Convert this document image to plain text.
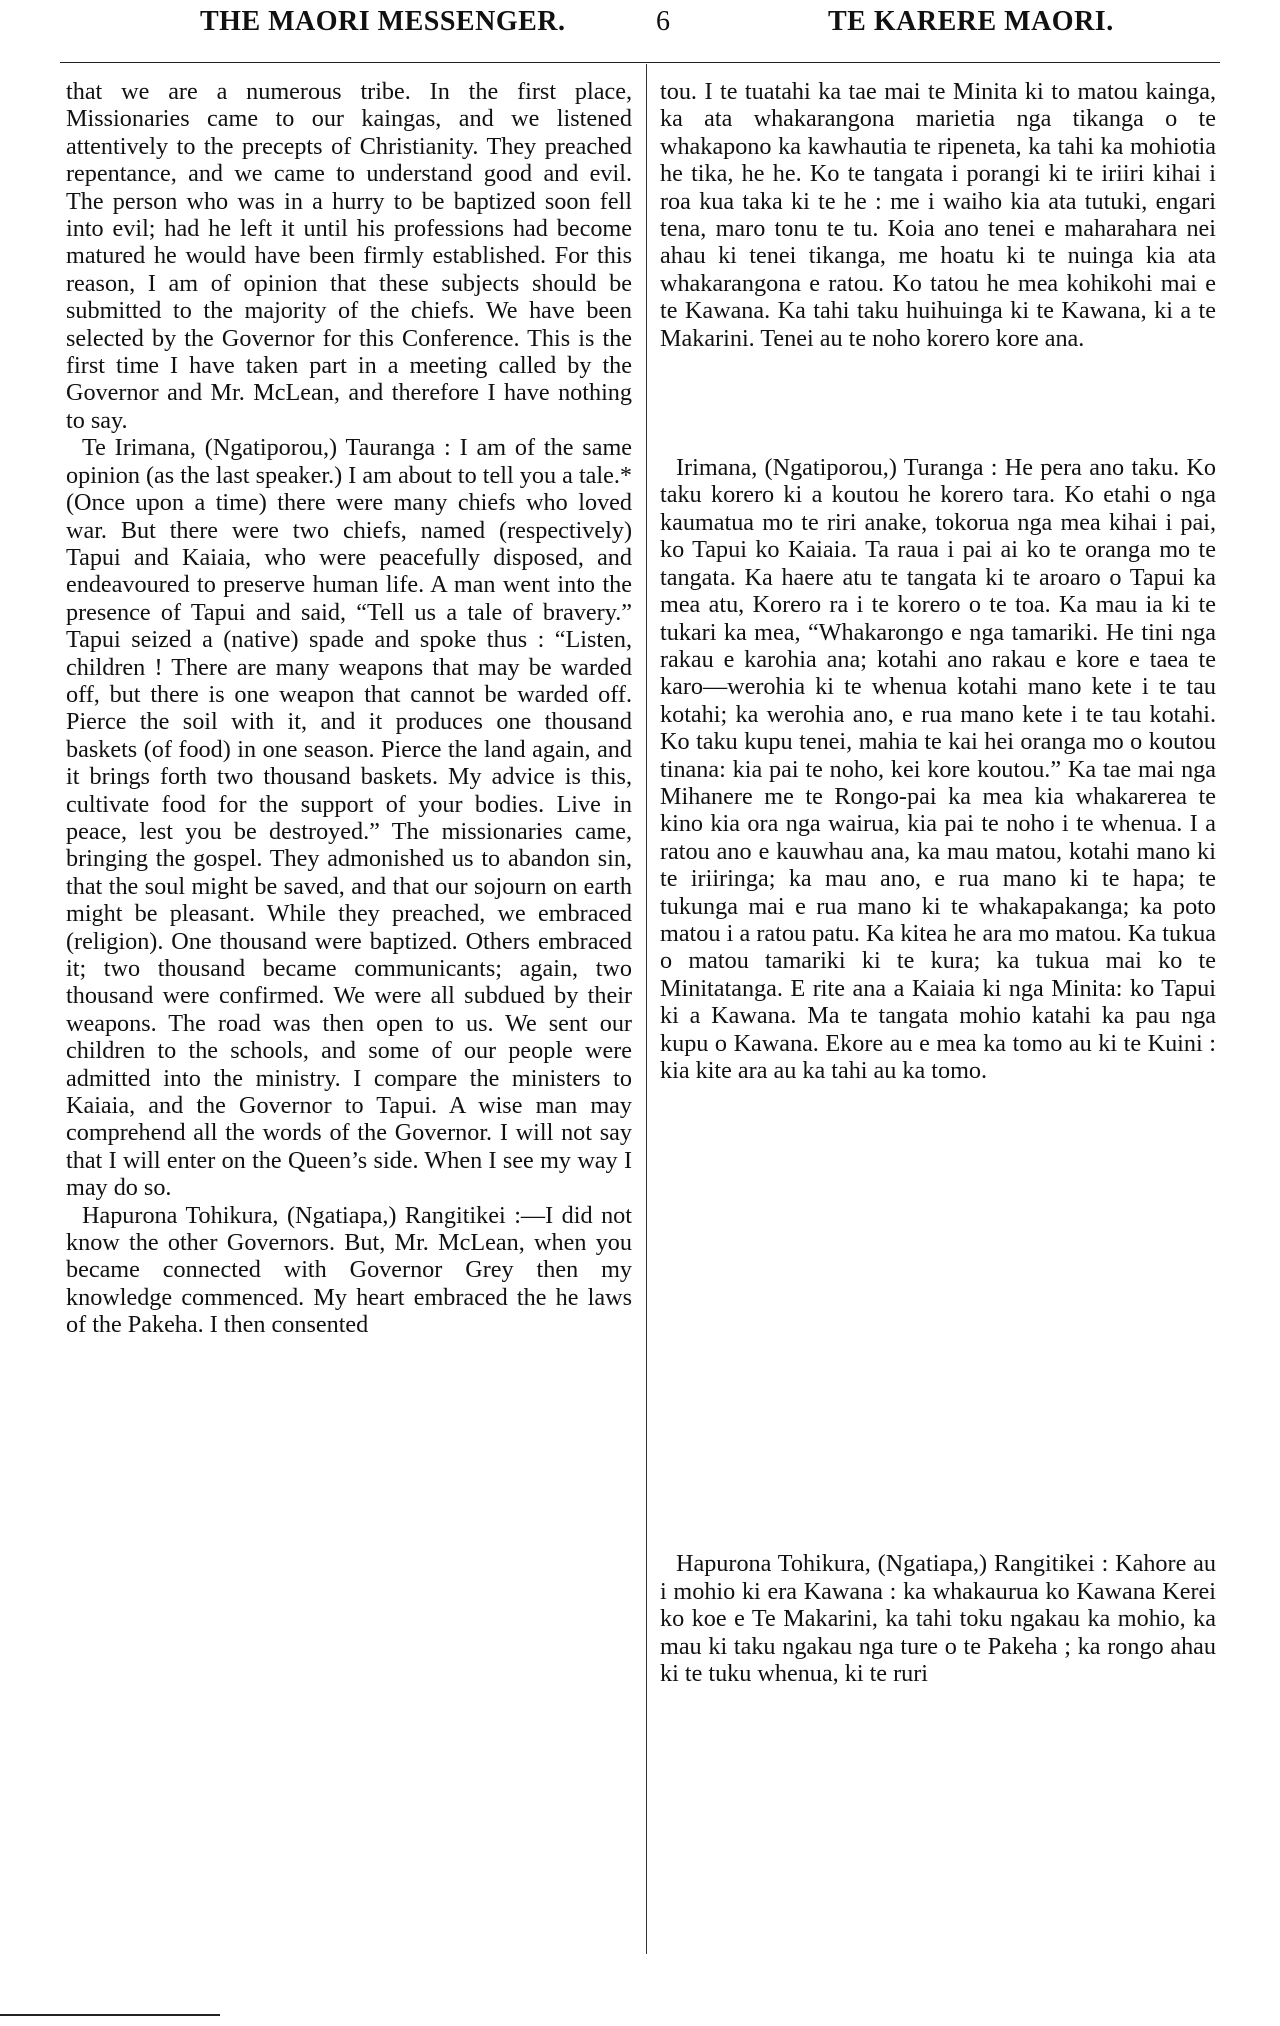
THE MAORI MESSENGER.	6	TE KARERE MAORI.

that we are a numerous tribe. In the first place, Missionaries came to our kaingas, and we listened attentively to the precepts of Christianity. They preached repentance, and we came to understand good and evil. The person who was in a hurry to be baptized soon fell into evil; had he left it until his professions had become matured he would have been firmly established. For this reason, I am of opinion that these subjects should be submitted to the majority of the chiefs. We have been selected by the Governor for this Conference. This is the first time I have taken part in a meeting called by the Governor and Mr. McLean, and therefore I have nothing to say.

Te Irimana, (Ngatiporou,) Tauranga : I am of the same opinion (as the last speaker.) I am about to tell you a tale.* (Once upon a time) there were many chiefs who loved war. But there were two chiefs, named (respectively) Tapui and Kaiaia, who were peacefully disposed, and endeavoured to preserve human life. A man went into the presence of Tapui and said, “Tell us a tale of bravery.” Tapui seized a (native) spade and spoke thus : “Listen, children ! There are many weapons that may be warded off, but there is one weapon that cannot be warded off. Pierce the soil with it, and it produces one thousand baskets (of food) in one season. Pierce the land again, and it brings forth two thousand baskets. My advice is this, cultivate food for the support of your bodies. Live in peace, lest you be destroyed.” The missionaries came, bringing the gospel. They admonished us to abandon sin, that the soul might be saved, and that our sojourn on earth might be pleasant. While they preached, we embraced (religion). One thousand were baptized. Others embraced it; two thousand became communicants; again, two thousand were confirmed. We were all subdued by their weapons. The road was then open to us. We sent our children to the schools, and some of our people were admitted into the ministry. I compare the ministers to Kaiaia, and the Governor to Tapui. A wise man may comprehend all the words of the Governor. I will not say that I will enter on the Queen’s side. When I see my way I may do so.

Hapurona Tohikura, (Ngatiapa,) Rangitikei :—I did not know the other Governors. But, Mr. McLean, when you became connected with Governor Grey then my knowledge commenced. My heart embraced the he laws of the Pakeha. I then consented

tou. I te tuatahi ka tae mai te Minita ki to matou kainga, ka ata whakarangona marietia nga tikanga o te whakapono ka kawhautia te ripeneta, ka tahi ka mohiotia he tika, he he. Ko te tangata i porangi ki te iriiri kihai i roa kua taka ki te he : me i waiho kia ata tutuki, engari tena, maro tonu te tu. Koia ano tenei e maharahara nei ahau ki tenei tikanga, me hoatu ki te nuinga kia ata whakarangona e ratou. Ko tatou he mea kohikohi mai e te Kawana. Ka tahi taku huihuinga ki te Kawana, ki a te Makarini. Tenei au te noho korero kore ana.

Irimana, (Ngatiporou,) Turanga : He pera ano taku. Ko taku korero ki a koutou he korero tara. Ko etahi o nga kaumatua mo te riri anake, tokorua nga mea kihai i pai, ko Tapui ko Kaiaia. Ta raua i pai ai ko te oranga mo te tangata. Ka haere atu te tangata ki te aroaro o Tapui ka mea atu, Korero ra i te korero o te toa. Ka mau ia ki te tukari ka mea, “Whakarongo e nga tamariki. He tini nga rakau e karohia ana; kotahi ano rakau e kore e taea te karo—werohia ki te whenua kotahi mano kete i te tau kotahi; ka werohia ano, e rua mano kete i te tau kotahi. Ko taku kupu tenei, mahia te kai hei oranga mo o koutou tinana: kia pai te noho, kei kore koutou.” Ka tae mai nga Mihanere me te Rongo-pai ka mea kia whakarerea te kino kia ora nga wairua, kia pai te noho i te whenua. I a ratou ano e kauwhau ana, ka mau matou, kotahi mano ki te iriiringa; ka mau ano, e rua mano ki te hapa; te tukunga mai e rua mano ki te whakapakanga; ka poto matou i a ratou patu. Ka kitea he ara mo matou. Ka tukua o matou tamariki ki te kura; ka tukua mai ko te Minitatanga. E rite ana a Kaiaia ki nga Minita: ko Tapui ki a Kawana. Ma te tangata mohio katahi ka pau nga kupu o Kawana. Ekore au e mea ka tomo au ki te Kuini : kia kite ara au ka tahi au ka tomo.

Hapurona Tohikura, (Ngatiapa,) Rangitikei : Kahore au i mohio ki era Kawana : ka whakaurua ko Kawana Kerei ko koe e Te Makarini, ka tahi toku ngakau ka mohio, ka mau ki taku ngakau nga ture o te Pakeha ; ka rongo ahau ki te tuku whenua, ki te ruri
